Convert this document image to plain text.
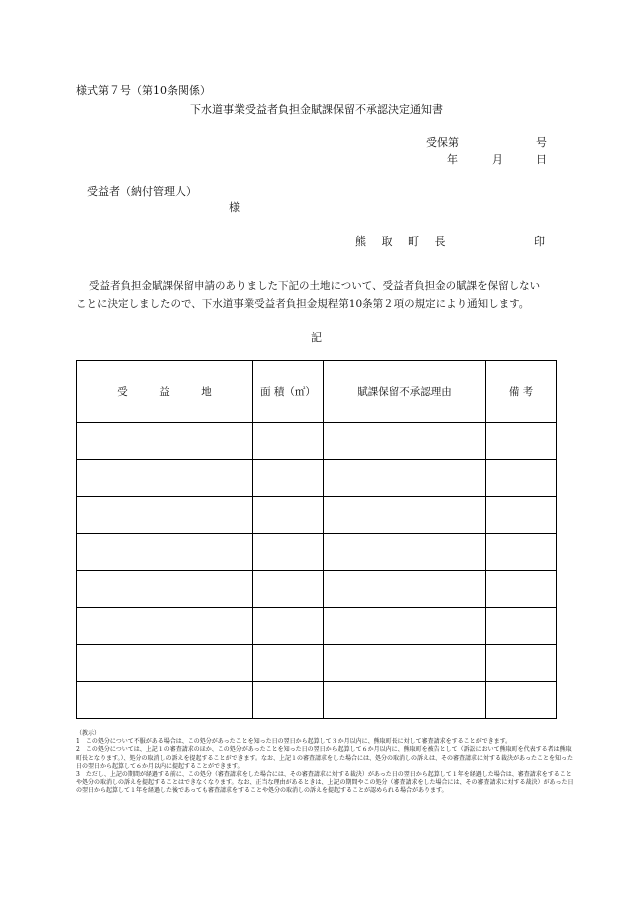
様式第７号（第10条関係）
下水道事業受益者負担金賦課保留不承認決定通知書
受保第	号
年	月	日
受益者（納付管理人）
様
熊 取 町 長	印
受益者負担金賦課保留申請のありました下記の土地について、受益者負担金の賦課を保留しない
ことに決定しましたので、下水道事業受益者負担金規程第10条第２項の規定により通知します。
記
受　　　益　　　地	面 積（㎡）	賦課保留不承認理由	備 考

（教示）

1　この処分について不服がある場合は、この処分があったことを知った日の翌日から起算して３か月以内に、熊取町長に対して審査請求をすることができます。

2　この処分については、上記１の審査請求のほか、この処分があったことを知った日の翌日から起算して６か月以内に、熊取町を被告として（訴訟において熊取町を代表する者は熊取町長となります。）、処分の取消しの訴えを提起することができます。なお、上記１の審査請求をした場合には、処分の取消しの訴えは、その審査請求に対する裁決があったことを知った日の翌日から起算して６か月以内に提起することができます。

3　ただし、上記の期間が経過する前に、この処分（審査請求をした場合には、その審査請求に対する裁決）があった日の翌日から起算して１年を経過した場合は、審査請求をすることや処分の取消しの訴えを提起することはできなくなります。なお、正当な理由があるときは、上記の期間やこの処分（審査請求をした場合には、その審査請求に対する裁決）があった日の翌日から起算して１年を経過した後であっても審査請求をすることや処分の取消しの訴えを提起することが認められる場合があります。
